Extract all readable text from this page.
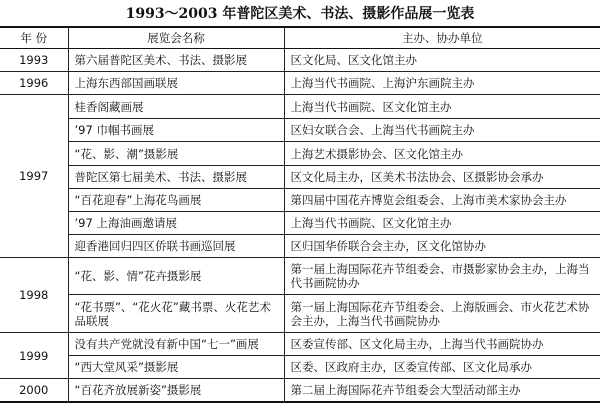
1993～2003 年普陀区美术、书法、摄影作品展一览表
年 份	展览会名称	主办、协办单位
1993	第六届普陀区美术、书法、摄影展	区文化局、区文化馆主办
1996	上海东西部国画联展	上海当代书画院、上海沪东画院主办
1997	桂香阁藏画展	上海当代书画院、区文化馆主办
	’97 巾帼书画展	区妇女联合会、上海当代书画院主办
	“花、影、潮”摄影展	上海艺术摄影协会、区文化馆主办
	普陀区第七届美术、书法、摄影展	区文化局主办，区美术书法协会、区摄影协会承办
	“百花迎春”上海花鸟画展	第四届中国花卉博览会组委会、上海市美术家协会主办
	’97 上海油画邀请展	上海当代书画院、区文化馆主办
	迎香港回归四区侨联书画巡回展	区归国华侨联合会主办，区文化馆协办
1998	“花、影、情”花卉摄影展	第一届上海国际花卉节组委会、市摄影家协会主办，上海当代书画院协办
	“花书票”、“花火花”藏书票、火花艺术品联展	第一届上海国际花卉节组委会、上海版画会、市火花艺术协会主办，上海当代书画院协办
1999	没有共产党就没有新中国“七一”画展	区委宣传部、区文化局主办，上海当代书画院协办
	“西大堂风采”摄影展	区委、区政府主办，区委宣传部、区文化局承办
2000	“百花齐放展新姿”摄影展	第二届上海国际花卉节组委会大型活动部主办
